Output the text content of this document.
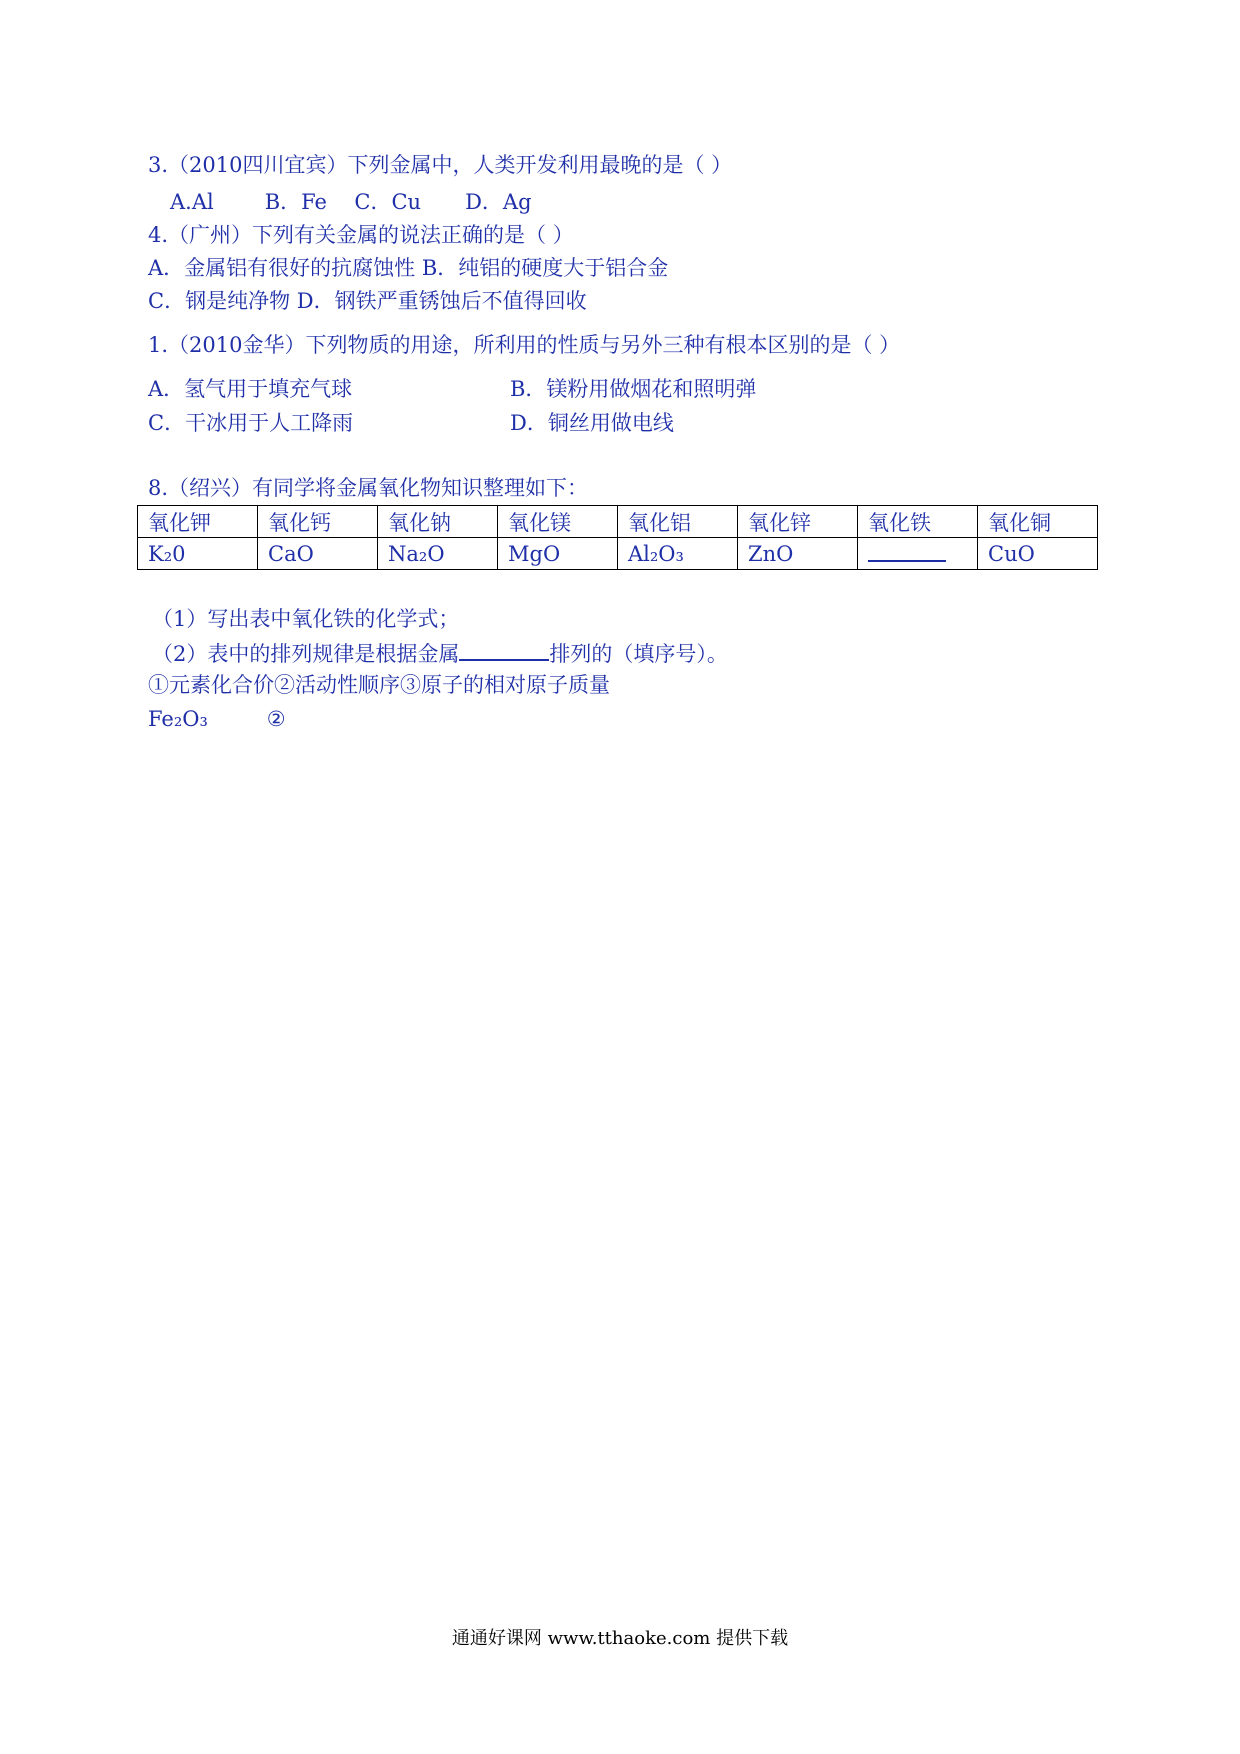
3.（2010四川宜宾）下列金属中，人类开发利用最晚的是（ ）
A.Al B．Fe C．Cu D．Ag
4.（广州）下列有关金属的说法正确的是（ ）
A．金属铝有很好的抗腐蚀性 B．纯铝的硬度大于铝合金
C．钢是纯净物 D．钢铁严重锈蚀后不值得回收
1.（2010金华）下列物质的用途，所利用的性质与另外三种有根本区别的是（ ）
A．氢气用于填充气球	B．镁粉用做烟花和照明弹
C．干冰用于人工降雨	D．铜丝用做电线
8.（绍兴）有同学将金属氧化物知识整理如下：
氧化钾	氧化钙	氧化钠	氧化镁	氧化铝	氧化锌	氧化铁	氧化铜
K₂0	CaO	Na₂O	MgO	Al₂O₃	ZnO		CuO
（1）写出表中氧化铁的化学式；
（2）表中的排列规律是根据金属	排列的（填序号）。
①元素化合价②活动性顺序③原子的相对原子质量
Fe₂O₃	②
通通好课网 www.tthaoke.com 提供下载
